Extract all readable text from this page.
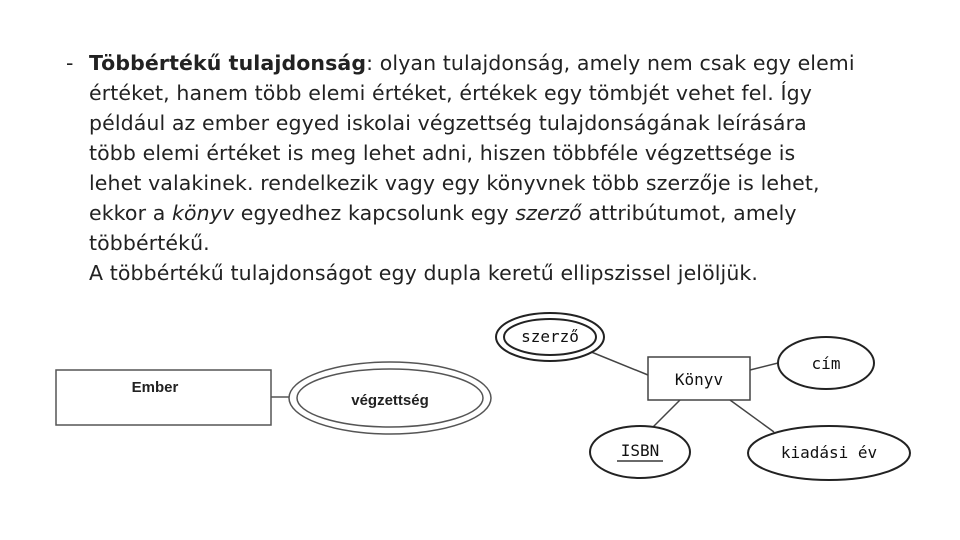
- Többértékű tulajdonság: olyan tulajdonság, amely nem csak egy elemi
értéket, hanem több elemi értéket, értékek egy tömbjét vehet fel. Így
például az ember egyed iskolai végzettség tulajdonságának leírására
több elemi értéket is meg lehet adni, hiszen többféle végzettsége is
lehet valakinek. rendelkezik vagy egy könyvnek több szerzője is lehet,
ekkor a könyv egyedhez kapcsolunk egy szerző attribútumot, amely
többértékű.
A többértékű tulajdonságot egy dupla keretű ellipszissel jelöljük.
Ember
végzettség
Könyv
szerző
cím
ISBN	kiadási év
